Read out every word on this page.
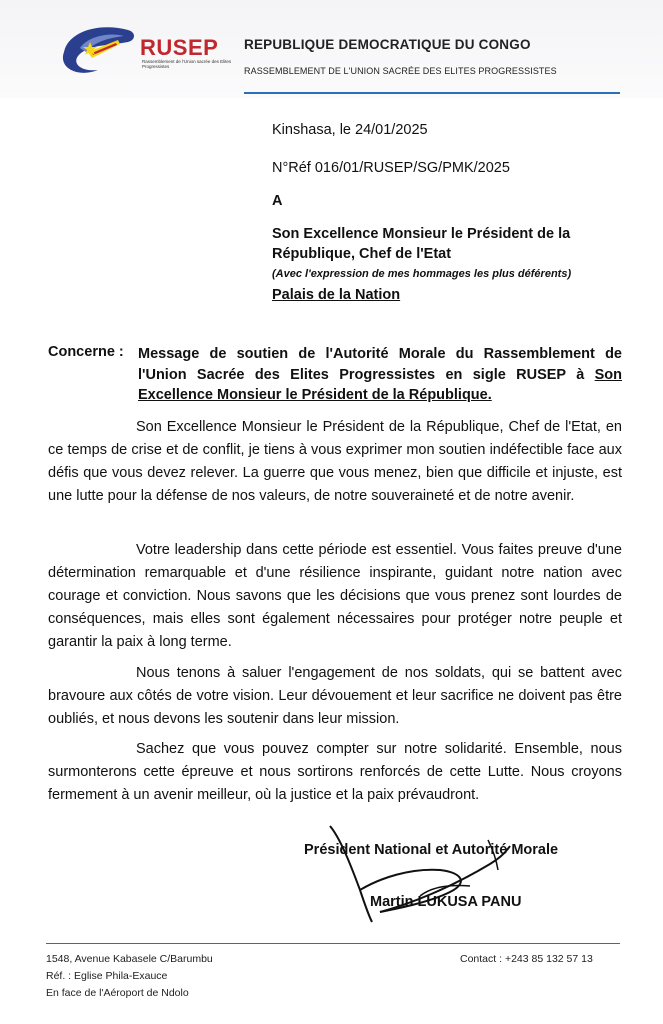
RUSEP
Rassemblement de l'Union sacrée des Elites Progressistes
REPUBLIQUE DEMOCRATIQUE DU CONGO
RASSEMBLEMENT DE L'UNION SACRÉE DES ELITES PROGRESSISTES
Kinshasa, le 24/01/2025
N°Réf 016/01/RUSEP/SG/PMK/2025
A
Son Excellence Monsieur le Président de la
République, Chef de l'Etat
(Avec l'expression de mes hommages les plus déférents)
Palais de la Nation
Concerne : Message de soutien de l'Autorité Morale du Rassemblement de l'Union Sacrée des Elites Progressistes en sigle RUSEP à Son Excellence Monsieur le Président de la République.
Son Excellence Monsieur le Président de la République, Chef de l'Etat, en ce temps de crise et de conflit, je tiens à vous exprimer mon soutien indéfectible face aux défis que vous devez relever. La guerre que vous menez, bien que difficile et injuste, est une lutte pour la défense de nos valeurs, de notre souveraineté et de notre avenir.
Votre leadership dans cette période est essentiel. Vous faites preuve d'une détermination remarquable et d'une résilience inspirante, guidant notre nation avec courage et conviction. Nous savons que les décisions que vous prenez sont lourdes de conséquences, mais elles sont également nécessaires pour protéger notre peuple et garantir la paix à long terme.
Nous tenons à saluer l'engagement de nos soldats, qui se battent avec bravoure aux côtés de votre vision. Leur dévouement et leur sacrifice ne doivent pas être oubliés, et nous devons les soutenir dans leur mission.
Sachez que vous pouvez compter sur notre solidarité. Ensemble, nous surmonterons cette épreuve et nous sortirons renforcés de cette Lutte. Nous croyons fermement à un avenir meilleur, où la justice et la paix prévaudront.
Président National et Autorité Morale
Martin LUKUSA PANU
1548, Avenue Kabasele C/Barumbu
Réf. : Eglise Phila-Exauce
En face de l'Aéroport de Ndolo
Contact : +243 85 132 57 13
